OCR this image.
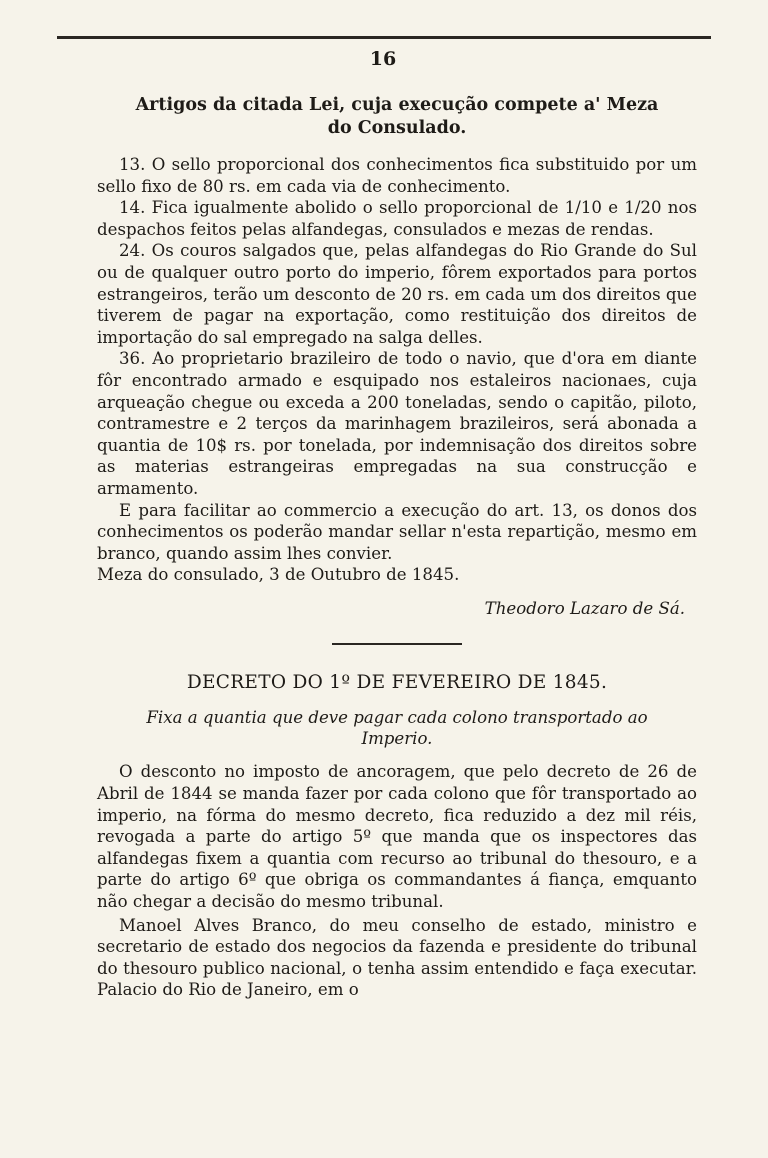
16
Artigos da citada Lei, cuja execução compete a' Meza
do Consulado.

13. O sello proporcional dos conhecimentos fica substituido por um sello fixo de 80 rs. em cada via de conhecimento.

14. Fica igualmente abolido o sello proporcional de 1/10 e 1/20 nos despachos feitos pelas alfandegas, consulados e mezas de rendas.

24. Os couros salgados que, pelas alfandegas do Rio Grande do Sul ou de qualquer outro porto do imperio, fôrem exportados para portos estrangeiros, terão um desconto de 20 rs. em cada um dos direitos que tiverem de pagar na exportação, como restituição dos direitos de importação do sal empregado na salga delles.

36. Ao proprietario brazileiro de todo o navio, que d'ora em diante fôr encontrado armado e esquipado nos estaleiros nacionaes, cuja arqueação chegue ou exceda a 200 toneladas, sendo o capitão, piloto, contramestre e 2 terços da marinhagem brazileiros, será abonada a quantia de 10$ rs. por tonelada, por indemnisação dos direitos sobre as materias estrangeiras empregadas na sua construcção e armamento.

E para facilitar ao commercio a execução do art. 13, os donos dos conhecimentos os poderão mandar sellar n'esta repartição, mesmo em branco, quando assim lhes convier.

Meza do consulado, 3 de Outubro de 1845.

Theodoro Lazaro de Sá.
DECRETO DO 1º DE FEVEREIRO DE 1845.
Fixa a quantia que deve pagar cada colono transportado ao
Imperio.

O desconto no imposto de ancoragem, que pelo decreto de 26 de Abril de 1844 se manda fazer por cada colono que fôr transportado ao imperio, na fórma do mesmo decreto, fica reduzido a dez mil réis, revogada a parte do artigo 5º que manda que os inspectores das alfandegas fixem a quantia com recurso ao tribunal do thesouro, e a parte do artigo 6º que obriga os commandantes á fiança, emquanto não chegar a decisão do mesmo tribunal.

Manoel Alves Branco, do meu conselho de estado, ministro e secretario de estado dos negocios da fazenda e presidente do tribunal do thesouro publico nacional, o tenha assim entendido e faça executar. Palacio do Rio de Janeiro, em o
